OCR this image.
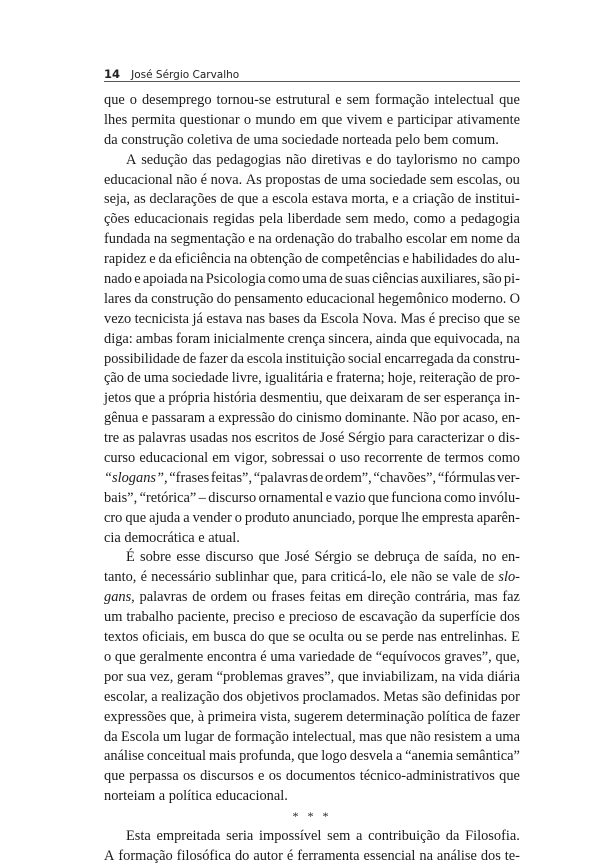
14 José Sérgio Carvalho
que o desemprego tornou-se estrutural e sem formação intelectual que
lhes permita questionar o mundo em que vivem e participar ativamente
da construção coletiva de uma sociedade norteada pelo bem comum.
A sedução das pedagogias não diretivas e do taylorismo no campo
educacional não é nova. As propostas de uma sociedade sem escolas, ou
seja, as declarações de que a escola estava morta, e a criação de institui-
ções educacionais regidas pela liberdade sem medo, como a pedagogia
fundada na segmentação e na ordenação do trabalho escolar em nome da
rapidez e da eficiência na obtenção de competências e habilidades do alu-
nado e apoiada na Psicologia como uma de suas ciências auxiliares, são pi-
lares da construção do pensamento educacional hegemônico moderno. O
vezo tecnicista já estava nas bases da Escola Nova. Mas é preciso que se
diga: ambas foram inicialmente crença sincera, ainda que equivocada, na
possibilidade de fazer da escola instituição social encarregada da constru-
ção de uma sociedade livre, igualitária e fraterna; hoje, reiteração de pro-
jetos que a própria história desmentiu, que deixaram de ser esperança in-
gênua e passaram a expressão do cinismo dominante. Não por acaso, en-
tre as palavras usadas nos escritos de José Sérgio para caracterizar o dis-
curso educacional em vigor, sobressai o uso recorrente de termos como
“slogans”, “frases feitas”, “palavras de ordem”, “chavões”, “fórmulas ver-
bais”, “retórica” – discurso ornamental e vazio que funciona como invólu-
cro que ajuda a vender o produto anunciado, porque lhe empresta aparên-
cia democrática e atual.
É sobre esse discurso que José Sérgio se debruça de saída, no en-
tanto, é necessário sublinhar que, para criticá-lo, ele não se vale de slo-
gans, palavras de ordem ou frases feitas em direção contrária, mas faz
um trabalho paciente, preciso e precioso de escavação da superfície dos
textos oficiais, em busca do que se oculta ou se perde nas entrelinhas. E
o que geralmente encontra é uma variedade de “equívocos graves”, que,
por sua vez, geram “problemas graves”, que inviabilizam, na vida diária
escolar, a realização dos objetivos proclamados. Metas são definidas por
expressões que, à primeira vista, sugerem determinação política de fazer
da Escola um lugar de formação intelectual, mas que não resistem a uma
análise conceitual mais profunda, que logo desvela a “anemia semântica”
que perpassa os discursos e os documentos técnico-administrativos que
norteiam a política educacional.
* * *
Esta empreitada seria impossível sem a contribuição da Filosofia.
A formação filosófica do autor é ferramenta essencial na análise dos te-
